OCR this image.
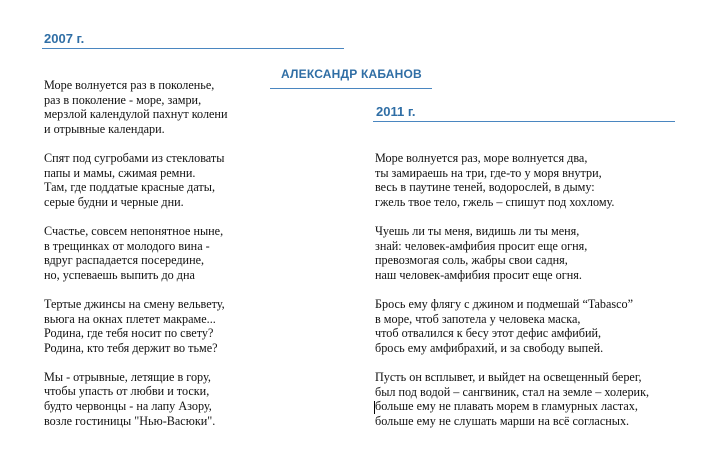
2007 г.
АЛЕКСАНДР КАБАНОВ
2011 г.
Море волнуется раз в поколенье,
раз в поколение - море, замри,
мерзлой календулой пахнут колени
и отрывные календари.
Спят под сугробами из стекловаты
папы и мамы, сжимая ремни.
Там, где поддатые красные даты,
серые будни и черные дни.
Счастье, совсем непонятное ныне,
в трещинках от молодого вина -
вдруг распадается посередине,
но, успеваешь выпить до дна
Тертые джинсы на смену вельвету,
вьюга на окнах плетет макраме...
Родина, где тебя носит по свету?
Родина, кто тебя держит во тьме?
Мы - отрывные, летящие в гору,
чтобы упасть от любви и тоски,
будто червонцы - на лапу Азору,
возле гостиницы "Нью-Васюки".
Море волнуется раз, море волнуется два,
ты замираешь на три, где-то у моря внутри,
весь в паутине теней, водорослей, в дыму:
гжель твое тело, гжель – спишут под хохлому.
Чуешь ли ты меня, видишь ли ты меня,
знай: человек-амфибия просит еще огня,
превозмогая соль, жабры свои садня,
наш человек-амфибия просит еще огня.
Брось ему флягу с джином и подмешай “Tabasco”
в море, чтоб запотела у человека маска,
чтоб отвалился к бесу этот дефис амфибий,
брось ему амфибрахий, и за свободу выпей.
Пусть он всплывет, и выйдет на освещенный берег,
был под водой – сангвиник, стал на земле – холерик,
больше ему не плавать морем в гламурных ластах,
больше ему не слушать марши на всё согласных.
